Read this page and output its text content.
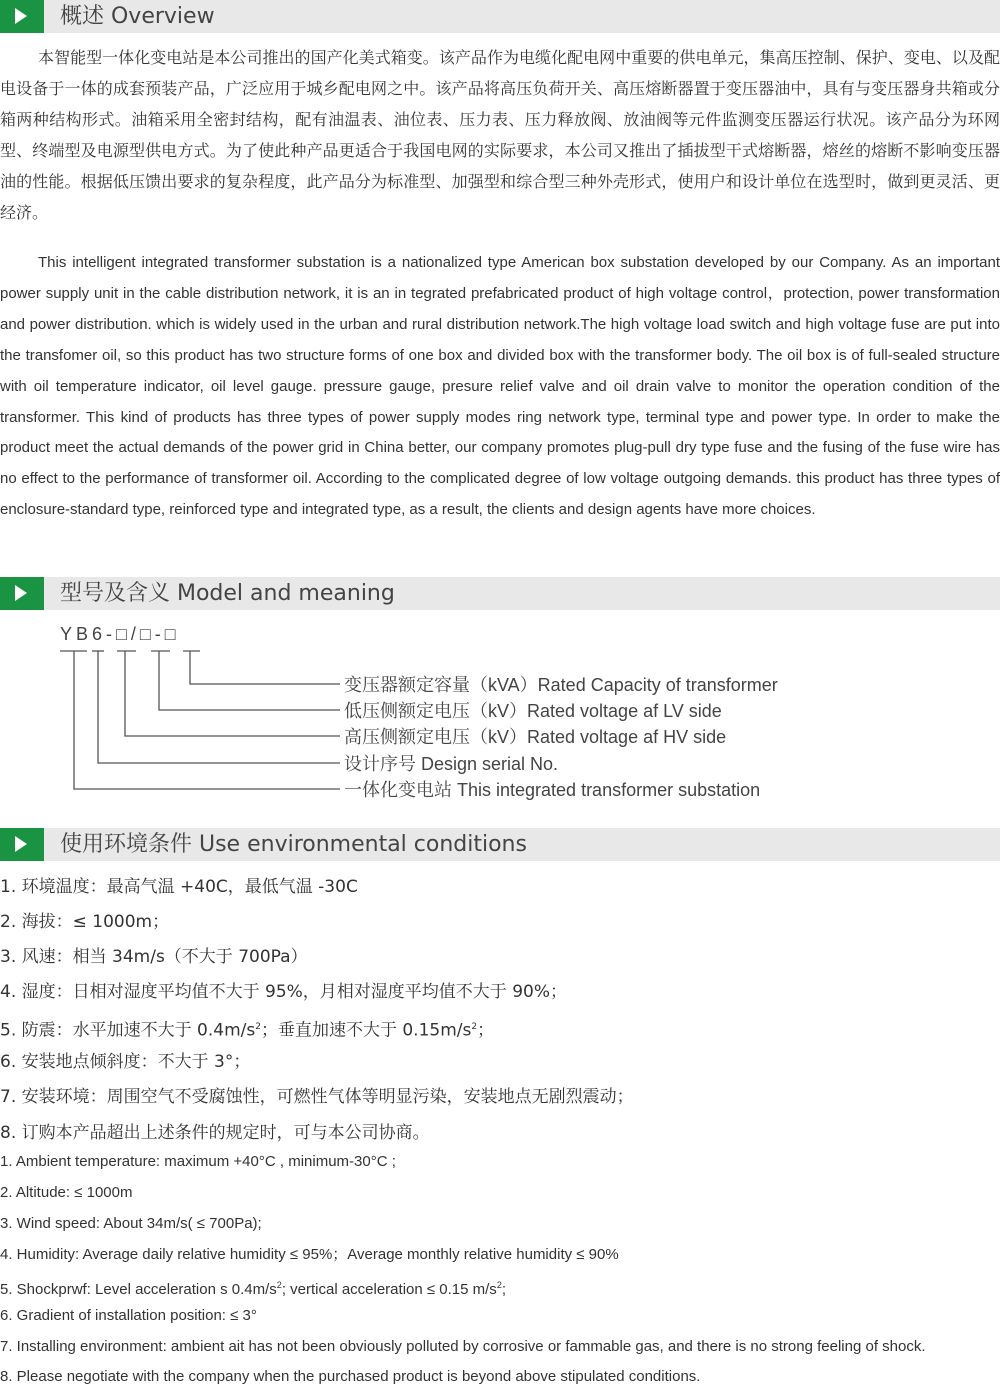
概述 Overview

本智能型一体化变电站是本公司推出的国产化美式箱变。该产品作为电缆化配电网中重要的供电单元，集高压控制、保护、变电、以及配电设备于一体的成套预装产品，广泛应用于城乡配电网之中。该产品将高压负荷开关、高压熔断器置于变压器油中，具有与变压器身共箱或分箱两种结构形式。油箱采用全密封结构，配有油温表、油位表、压力表、压力释放阀、放油阀等元件监测变压器运行状况。该产品分为环网型、终端型及电源型供电方式。为了使此种产品更适合于我国电网的实际要求，本公司又推出了插拔型干式熔断器，熔丝的熔断不影响变压器油的性能。根据低压馈出要求的复杂程度，此产品分为标准型、加强型和综合型三种外壳形式，使用户和设计单位在选型时，做到更灵活、更经济。

This intelligent integrated transformer substation is a nationalized type American box substation developed by our Company. As an important power supply unit in the cable distribution network, it is an in tegrated prefabricated product of high voltage control，protection, power transformation and power distribution. which is widely used in the urban and rural distribution network.The high voltage load switch and high voltage fuse are put into the transfomer oil, so this product has two structure forms of one box and divided box with the transformer body. The oil box is of full-sealed structure with oil temperature indicator, oil level gauge. pressure gauge, presure relief valve and oil drain valve to monitor the operation condition of the transformer. This kind of products has three types of power supply modes ring network type, terminal type and power type. In order to make the product meet the actual demands of the power grid in China better, our company promotes plug-pull dry type fuse and the fusing of the fuse wire has no effect to the performance of transformer oil. According to the complicated degree of low voltage outgoing demands. this product has three types of enclosure-standard type, reinforced type and integrated type, as a result, the clients and design agents have more choices.

型号及含义 Model and meaning
YB6-□/□-□
变压器额定容量（kVA）Rated Capacity of transformer
低压侧额定电压（kV）Rated voltage af LV side
高压侧额定电压（kV）Rated voltage af HV side
设计序号 Design serial No.
一体化变电站 This integrated transformer substation
使用环境条件 Use environmental conditions
1. 环境温度：最高气温 +40C，最低气温 -30C
2. 海拔：≤ 1000m；
3. 风速：相当 34m/s（不大于 700Pa）
4. 湿度：日相对湿度平均值不大于 95%，月相对湿度平均值不大于 90%；
5. 防震：水平加速不大于 $0.4m/s^2$；垂直加速不大于 $0.15m/s^2$；
6. 安装地点倾斜度：不大于 3°；
7. 安装环境：周围空气不受腐蚀性，可燃性气体等明显污染，安装地点无剧烈震动；
8. 订购本产品超出上述条件的规定时，可与本公司协商。
1. Ambient temperature: maximum +40°C , minimum-30°C ;
2. Altitude: ≤ 1000m
3. Wind speed: About 34m/s( ≤ 700Pa);
4. Humidity: Average daily relative humidity ≤ 95%；Average monthly relative humidity ≤ 90%
5. Shockprwf: Level acceleration s $0.4m/s^2$; vertical acceleration ≤ 0.15 $m/s^2$;
6. Gradient of installation position: ≤ 3°
7. Installing environment: ambient ait has not been obviously polluted by corrosive or fammable gas, and there is no strong feeling of shock.
8. Please negotiate with the company when the purchased product is beyond above stipulated conditions.
